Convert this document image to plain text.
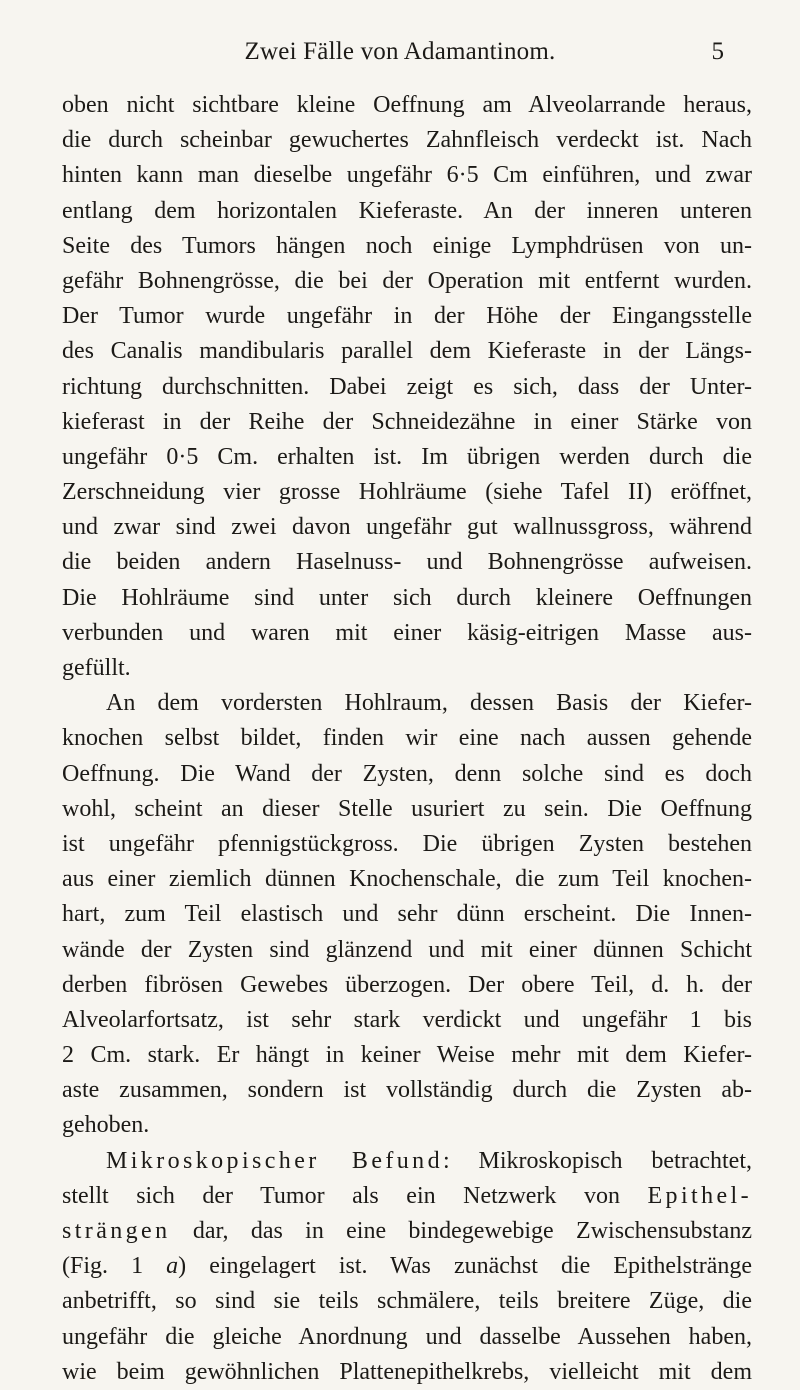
Zwei Fälle von Adamantinom.	5
oben nicht sichtbare kleine Oeffnung am Alveolarrande heraus,
die durch scheinbar gewuchertes Zahnfleisch verdeckt ist. Nach
hinten kann man dieselbe ungefähr 6·5 Cm einführen, und zwar
entlang dem horizontalen Kieferaste. An der inneren unteren
Seite des Tumors hängen noch einige Lymphdrüsen von un-
gefähr Bohnengrösse, die bei der Operation mit entfernt wurden.
Der Tumor wurde ungefähr in der Höhe der Eingangsstelle
des Canalis mandibularis parallel dem Kieferaste in der Längs-
richtung durchschnitten. Dabei zeigt es sich, dass der Unter-
kieferast in der Reihe der Schneidezähne in einer Stärke von
ungefähr 0·5 Cm. erhalten ist. Im übrigen werden durch die
Zerschneidung vier grosse Hohlräume (siehe Tafel II) eröffnet,
und zwar sind zwei davon ungefähr gut wallnussgross, während
die beiden andern Haselnuss- und Bohnengrösse aufweisen.
Die Hohlräume sind unter sich durch kleinere Oeffnungen
verbunden und waren mit einer käsig-eitrigen Masse aus-
gefüllt.
An dem vordersten Hohlraum, dessen Basis der Kiefer-
knochen selbst bildet, finden wir eine nach aussen gehende
Oeffnung. Die Wand der Zysten, denn solche sind es doch
wohl, scheint an dieser Stelle usuriert zu sein. Die Oeffnung
ist ungefähr pfennigstückgross. Die übrigen Zysten bestehen
aus einer ziemlich dünnen Knochenschale, die zum Teil knochen-
hart, zum Teil elastisch und sehr dünn erscheint. Die Innen-
wände der Zysten sind glänzend und mit einer dünnen Schicht
derben fibrösen Gewebes überzogen. Der obere Teil, d. h. der
Alveolarfortsatz, ist sehr stark verdickt und ungefähr 1 bis
2 Cm. stark. Er hängt in keiner Weise mehr mit dem Kiefer-
aste zusammen, sondern ist vollständig durch die Zysten ab-
gehoben.
Mikroskopischer Befund: Mikroskopisch betrachtet,
stellt sich der Tumor als ein Netzwerk von Epithel-
strängen dar, das in eine bindegewebige Zwischensubstanz
(Fig. 1 a) eingelagert ist. Was zunächst die Epithelstränge
anbetrifft, so sind sie teils schmälere, teils breitere Züge, die
ungefähr die gleiche Anordnung und dasselbe Aussehen haben,
wie beim gewöhnlichen Plattenepithelkrebs, vielleicht mit dem
